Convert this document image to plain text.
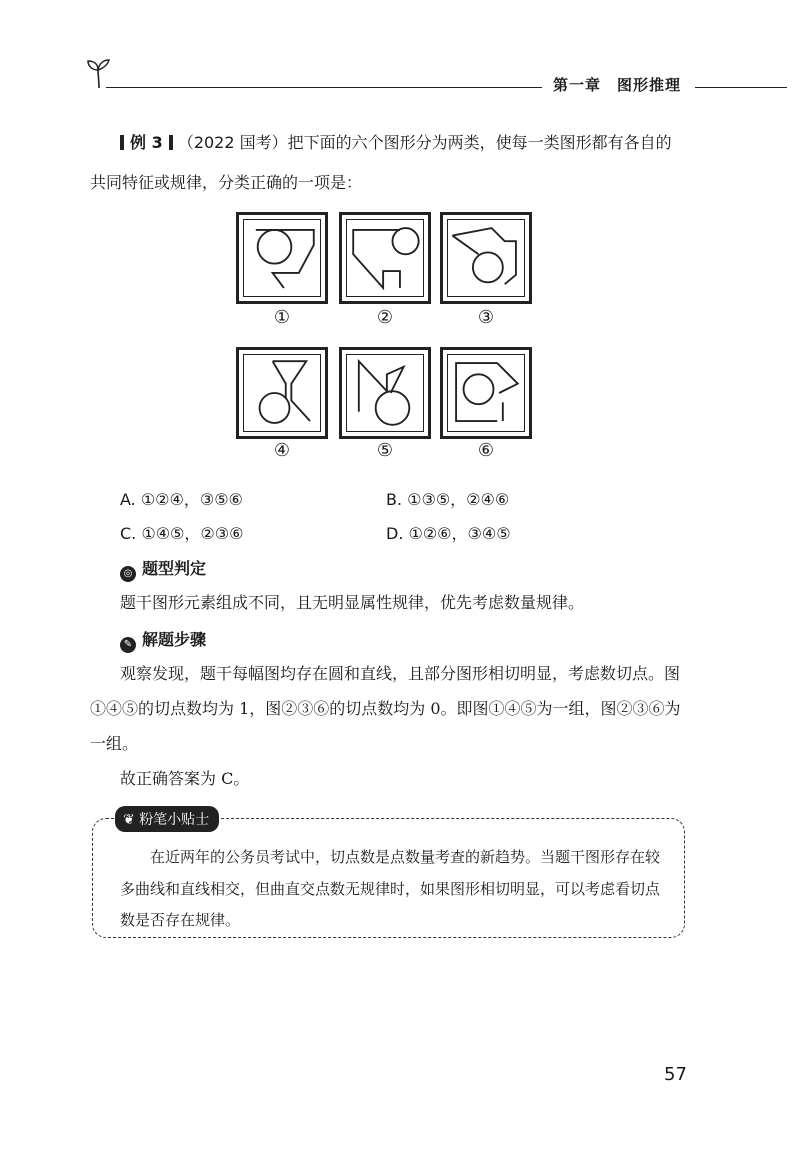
第一章　图形推理
例 3 （2022 国考）把下面的六个图形分为两类，使每一类图形都有各自的
共同特征或规律，分类正确的一项是：
①	②	③
④	⑤	⑥
A. ①②④，③⑤⑥	B. ①③⑤，②④⑥
C. ①④⑤，②③⑥	D. ①②⑥，③④⑤
◎ 题型判定
题干图形元素组成不同，且无明显属性规律，优先考虑数量规律。
✎ 解题步骤
观察发现，题干每幅图均存在圆和直线，且部分图形相切明显，考虑数切点。图
①④⑤的切点数均为 1，图②③⑥的切点数均为 0。即图①④⑤为一组，图②③⑥为
一组。
故正确答案为 C。
❦ 粉笔小贴士
在近两年的公务员考试中，切点数是点数量考查的新趋势。当题干图形存在较
多曲线和直线相交，但曲直交点数无规律时，如果图形相切明显，可以考虑看切点
数是否存在规律。
57
